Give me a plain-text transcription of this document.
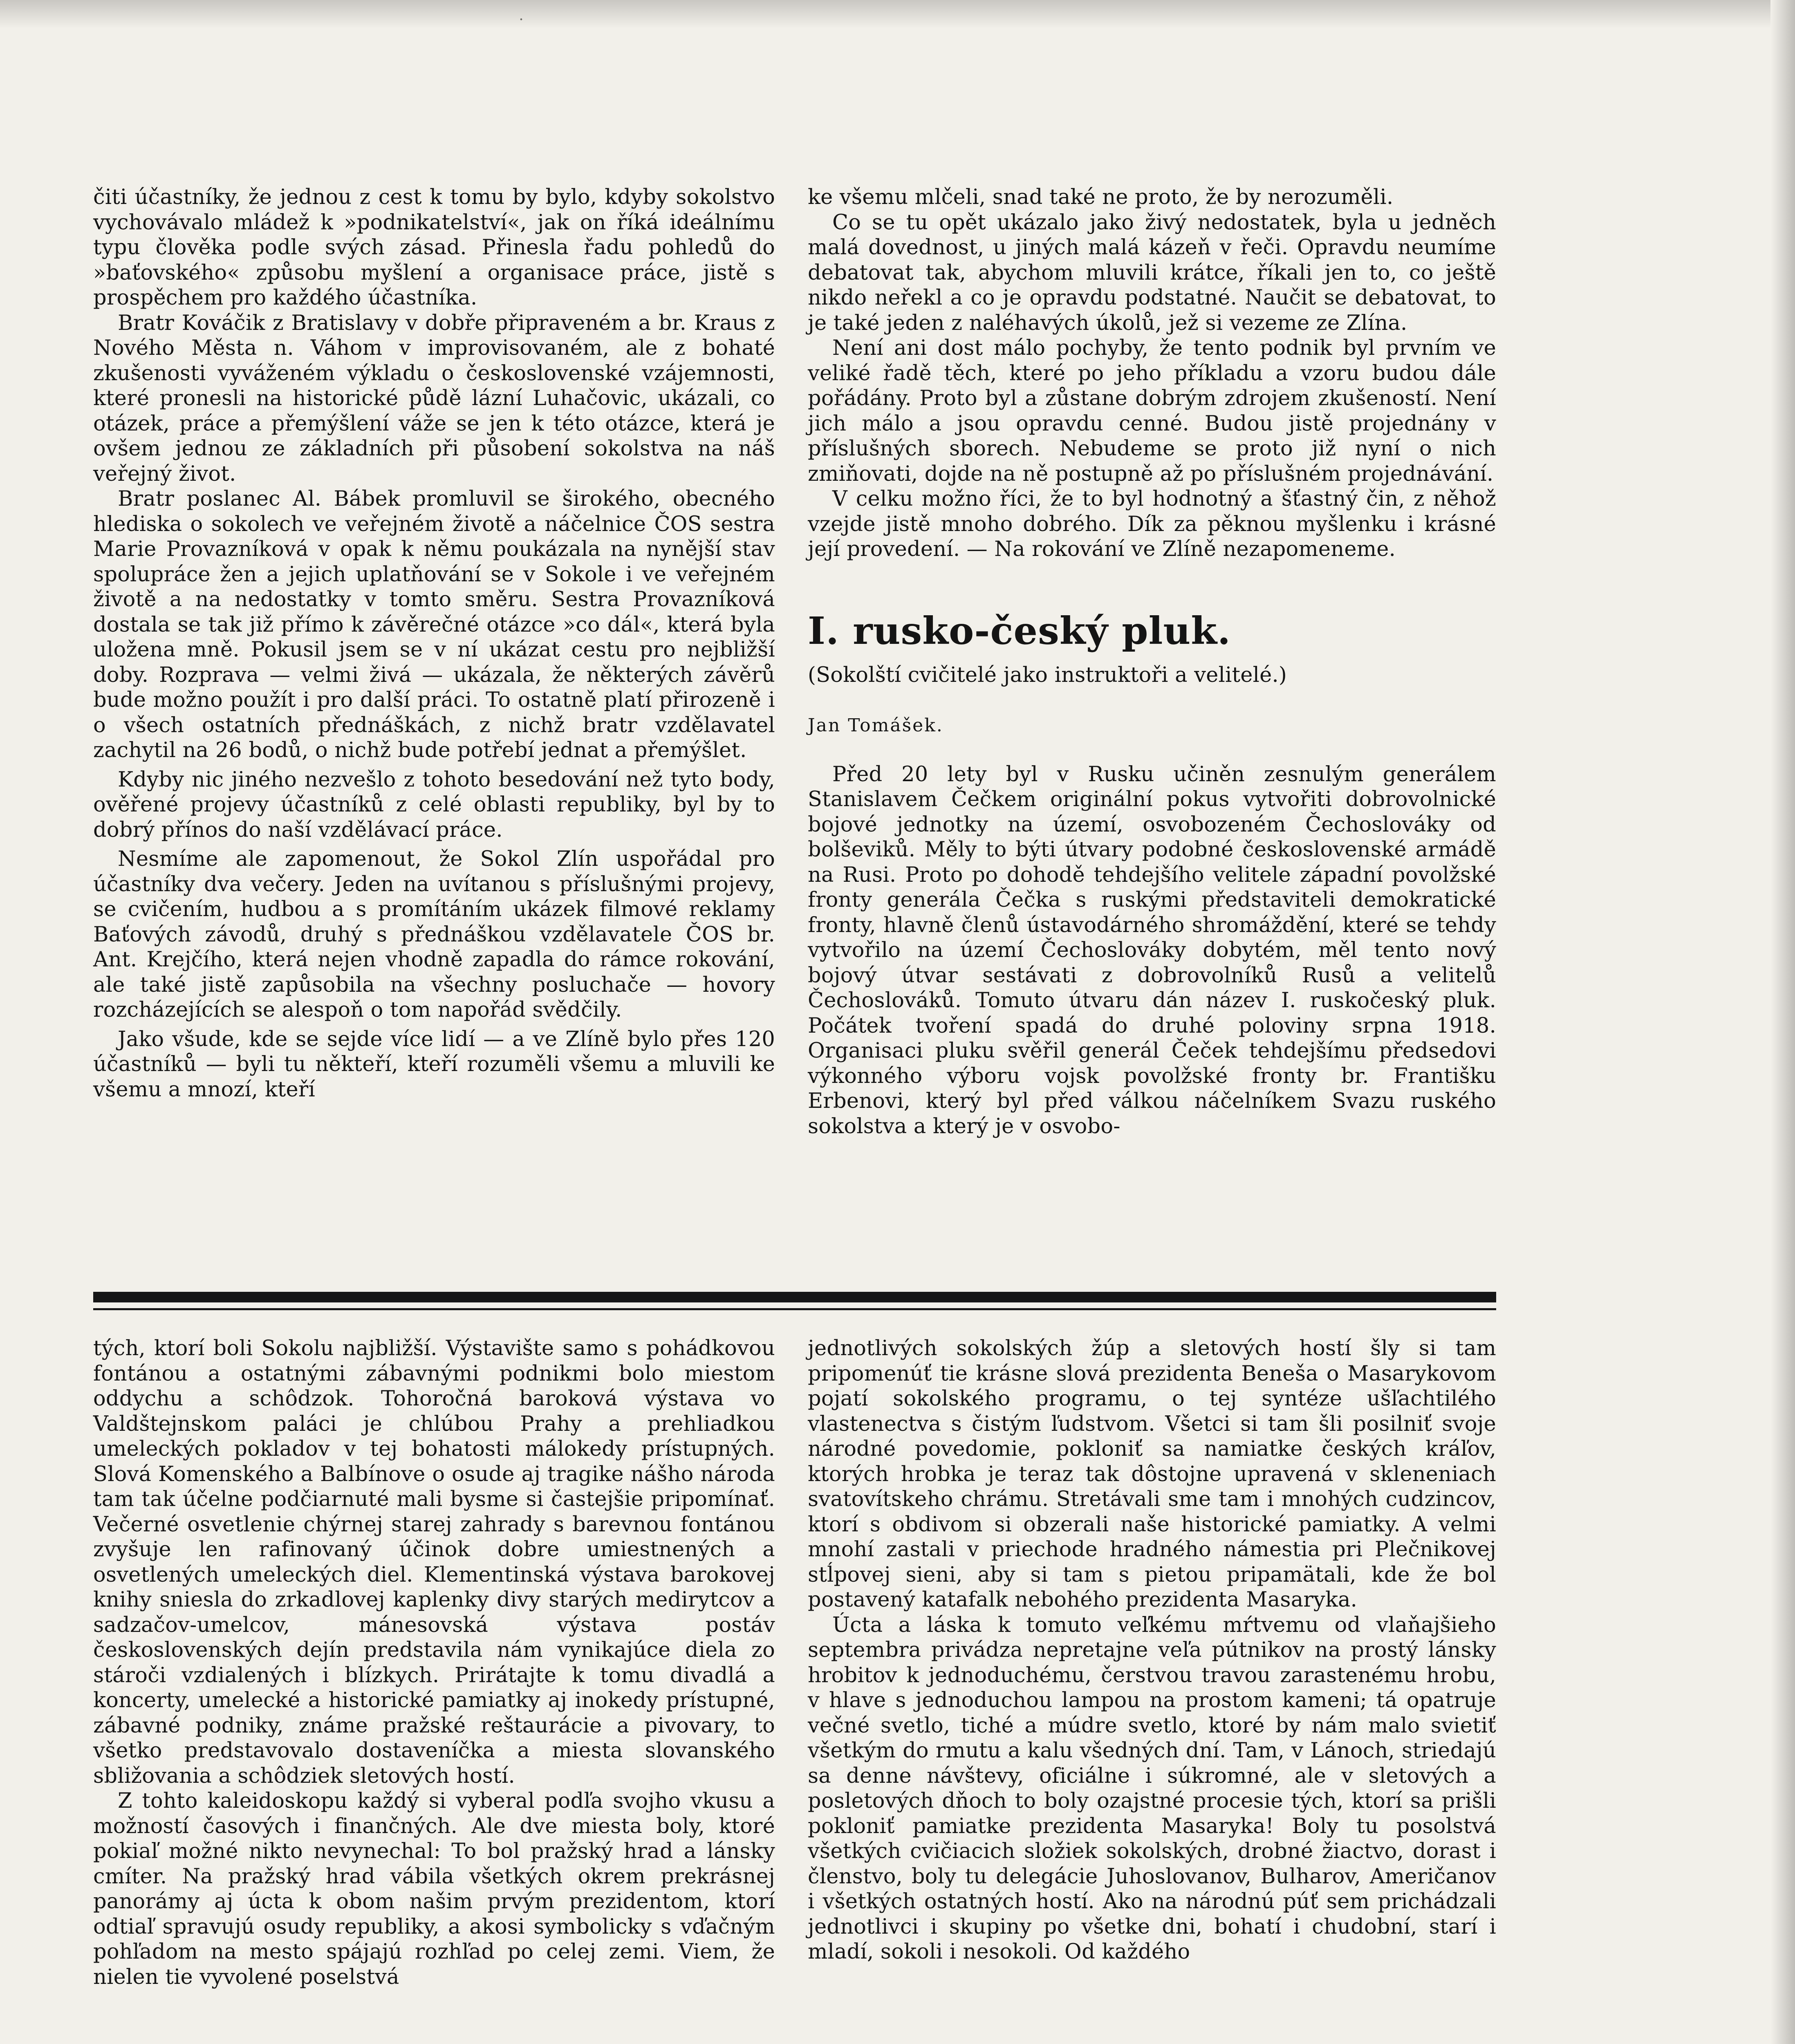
˙

čiti účastníky, že jednou z cest k tomu by bylo, kdyby sokolstvo vychovávalo mládež k »podnikatelství«, jak on říká ideálnímu typu člověka podle svých zásad. Přinesla řadu pohledů do »baťovského« způsobu myšlení a organisace práce, jistě s prospěchem pro každého účastníka.

Bratr Kováčik z Bratislavy v dobře připraveném a br. Kraus z Nového Města n. Váhom v improvisovaném, ale z bohaté zkušenosti vyváženém výkladu o československé vzájemnosti, které pronesli na historické půdě lázní Luhačovic, ukázali, co otázek, práce a přemýšlení váže se jen k této otázce, která je ovšem jednou ze základních při působení sokolstva na náš veřejný život.

Bratr poslanec Al. Bábek promluvil se širokého, obecného hlediska o sokolech ve veřejném životě a náčelnice ČOS sestra Marie Provazníková v opak k němu poukázala na nynější stav spolupráce žen a jejich uplatňování se v Sokole i ve veřejném životě a na nedostatky v tomto směru. Sestra Provazníková dostala se tak již přímo k závěrečné otázce »co dál«, která byla uložena mně. Pokusil jsem se v ní ukázat cestu pro nejbližší doby. Rozprava — velmi živá — ukázala, že některých závěrů bude možno použít i pro další práci. To ostatně platí přirozeně i o všech ostatních přednáškách, z nichž bratr vzdělavatel zachytil na 26 bodů, o nichž bude potřebí jednat a přemýšlet.

Kdyby nic jiného nezvešlo z tohoto besedování než tyto body, ověřené projevy účastníků z celé oblasti republiky, byl by to dobrý přínos do naší vzdělávací práce.

Nesmíme ale zapomenout, že Sokol Zlín uspořádal pro účastníky dva večery. Jeden na uvítanou s příslušnými projevy, se cvičením, hudbou a s promítáním ukázek filmové reklamy Baťových závodů, druhý s přednáškou vzdělavatele ČOS br. Ant. Krejčího, která nejen vhodně zapadla do rámce rokování, ale také jistě zapůsobila na všechny posluchače — hovory rozcházejících se alespoň o tom napořád svědčily.

Jako všude, kde se sejde více lidí — a ve Zlíně bylo přes 120 účastníků — byli tu někteří, kteří rozuměli všemu a mluvili ke všemu a mnozí, kteří

ke všemu mlčeli, snad také ne proto, že by nerozuměli.

Co se tu opět ukázalo jako živý nedostatek, byla u jedněch malá dovednost, u jiných malá kázeň v řeči. Opravdu neumíme debatovat tak, abychom mluvili krátce, říkali jen to, co ještě nikdo neřekl a co je opravdu podstatné. Naučit se debatovat, to je také jeden z naléhavých úkolů, jež si vezeme ze Zlína.

Není ani dost málo pochyby, že tento podnik byl prvním ve veliké řadě těch, které po jeho příkladu a vzoru budou dále pořádány. Proto byl a zůstane dobrým zdrojem zkušeností. Není jich málo a jsou opravdu cenné. Budou jistě projednány v příslušných sborech. Nebudeme se proto již nyní o nich zmiňovati, dojde na ně postupně až po příslušném projednávání.

V celku možno říci, že to byl hodnotný a šťastný čin, z něhož vzejde jistě mnoho dobrého. Dík za pěknou myšlenku i krásné její provedení. — Na rokování ve Zlíně nezapomeneme.

I. rusko-český pluk.

(Sokolští cvičitelé jako instruktoři a velitelé.)

Jan Tomášek.

Před 20 lety byl v Rusku učiněn zesnulým generálem Stanislavem Čečkem originální pokus vytvořiti dobrovolnické bojové jednotky na území, osvobozeném Čechoslováky od bolševiků. Měly to býti útvary podobné československé armádě na Rusi. Proto po dohodě tehdejšího velitele západní povolžské fronty generála Čečka s ruskými představiteli demokratické fronty, hlavně členů ústavodárného shromáždění, které se tehdy vytvořilo na území Čechoslováky dobytém, měl tento nový bojový útvar sestávati z dobrovolníků Rusů a velitelů Čechoslováků. Tomuto útvaru dán název I. ruskočeský pluk. Počátek tvoření spadá do druhé poloviny srpna 1918. Organisaci pluku svěřil generál Čeček tehdejšímu předsedovi výkonného výboru vojsk povolžské fronty br. Františku Erbenovi, který byl před válkou náčelníkem Svazu ruského sokolstva a který je v osvobo-

tých, ktorí boli Sokolu najbližší. Výstavište samo s pohádkovou fontánou a ostatnými zábavnými podnikmi bolo miestom oddychu a schôdzok. Tohoročná baroková výstava vo Valdštejnskom paláci je chlúbou Prahy a prehliadkou umeleckých pokladov v tej bohatosti málokedy prístupných. Slová Komenského a Balbínove o osude aj tragike nášho národa tam tak účelne podčiarnuté mali bysme si častejšie pripomínať. Večerné osvetlenie chýrnej starej zahrady s barevnou fontánou zvyšuje len rafinovaný účinok dobre umiestnených a osvetlených umeleckých diel. Klementinská výstava barokovej knihy sniesla do zrkadlovej kaplenky divy starých medirytcov a sadzačov-umelcov, mánesovská výstava postáv československých dejín predstavila nám vynikajúce diela zo stároči vzdialených i blízkych. Prirátajte k tomu divadlá a koncerty, umelecké a historické pamiatky aj inokedy prístupné, zábavné podniky, známe pražské reštaurácie a pivovary, to všetko predstavovalo dostaveníčka a miesta slovanského sbližovania a schôdziek sletových hostí.

Z tohto kaleidoskopu každý si vyberal podľa svojho vkusu a možností časových i finančných. Ale dve miesta boly, ktoré pokiaľ možné nikto nevynechal: To bol pražský hrad a lánsky cmíter. Na pražský hrad vábila všetkých okrem prekrásnej panorámy aj úcta k obom našim prvým prezidentom, ktorí odtiaľ spravujú osudy republiky, a akosi symbolicky s vďačným pohľadom na mesto spájajú rozhľad po celej zemi. Viem, že nielen tie vyvolené poselstvá

jednotlivých sokolských žúp a sletových hostí šly si tam pripomenúť tie krásne slová prezidenta Beneša o Masarykovom pojatí sokolského programu, o tej syntéze ušľachtilého vlastenectva s čistým ľudstvom. Všetci si tam šli posilniť svoje národné povedomie, pokloniť sa namiatke českých kráľov, ktorých hrobka je teraz tak dôstojne upravená v skleneniach svatovítskeho chrámu. Stretávali sme tam i mnohých cudzincov, ktorí s obdivom si obzerali naše historické pamiatky. A velmi mnohí zastali v priechode hradného námestia pri Plečnikovej stĺpovej sieni, aby si tam s pietou pripamätali, kde že bol postavený katafalk nebohého prezidenta Masaryka.

Úcta a láska k tomuto veľkému mŕtvemu od vlaňajšieho septembra privádza nepretajne veľa pútnikov na prostý lánsky hrobitov k jednoduchému, čerstvou travou zarastenému hrobu, v hlave s jednoduchou lampou na prostom kameni; tá opatruje večné svetlo, tiché a múdre svetlo, ktoré by nám malo svietiť všetkým do rmutu a kalu všedných dní. Tam, v Lánoch, striedajú sa denne návštevy, oficiálne i súkromné, ale v sletových a posletových dňoch to boly ozajstné procesie tých, ktorí sa prišli pokloniť pamiatke prezidenta Masaryka! Boly tu posolstvá všetkých cvičiacich složiek sokolských, drobné žiactvo, dorast i členstvo, boly tu delegácie Juhoslovanov, Bulharov, Američanov i všetkých ostatných hostí. Ako na národnú púť sem prichádzali jednotlivci i skupiny po všetkе dni, bohatí i chudobní, starí i mladí, sokoli i nesokoli. Od každého
